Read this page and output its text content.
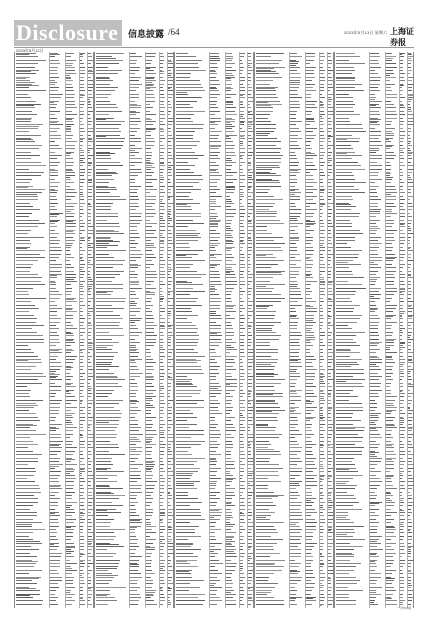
Disclosure	信息披露 /64	2023年5月13日 星期六 上海证券报
2023年5月12日
一下转10版
